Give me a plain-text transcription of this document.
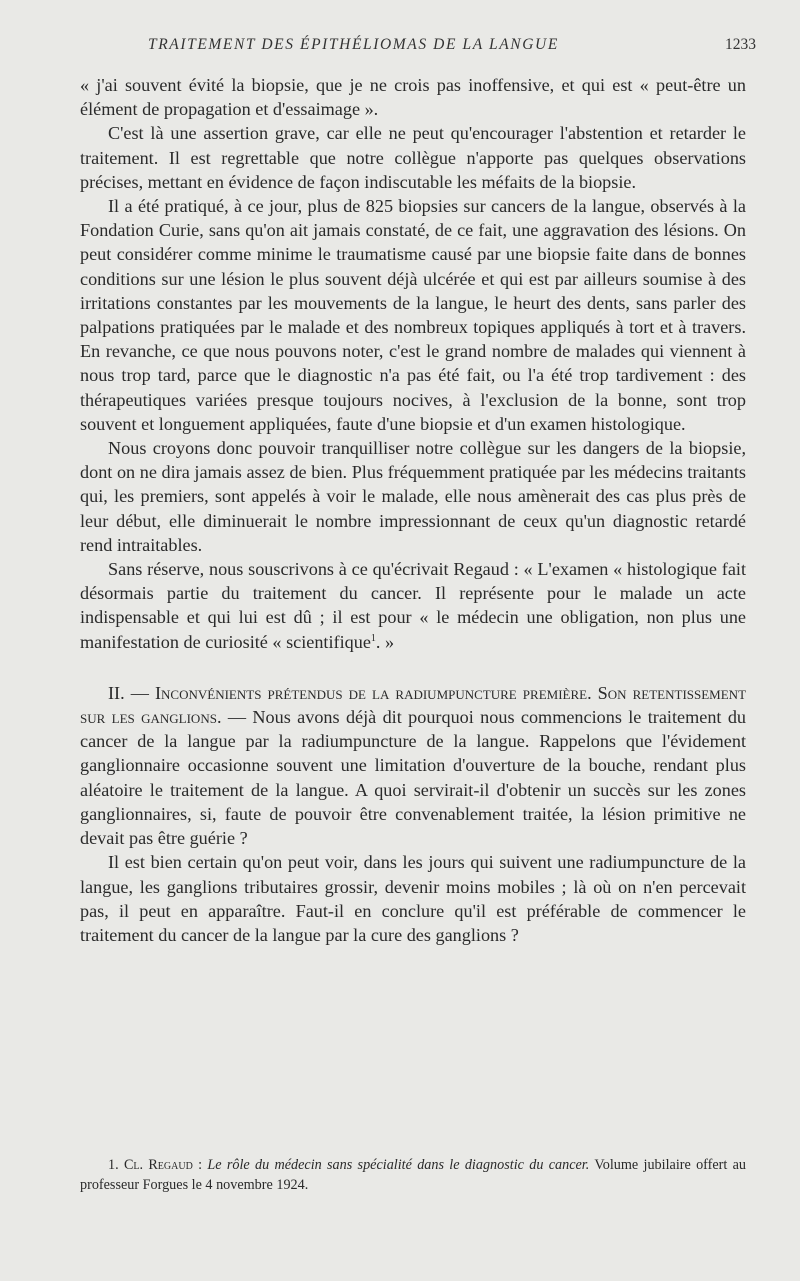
TRAITEMENT DES ÉPITHÉLIOMAS DE LA LANGUE	1233

« j'ai souvent évité la biopsie, que je ne crois pas inoffensive, et qui est « peut-être un élément de propagation et d'essaimage ».

C'est là une assertion grave, car elle ne peut qu'encourager l'abstention et retarder le traitement. Il est regrettable que notre collègue n'apporte pas quelques observations précises, mettant en évidence de façon indiscutable les méfaits de la biopsie.

Il a été pratiqué, à ce jour, plus de 825 biopsies sur cancers de la langue, observés à la Fondation Curie, sans qu'on ait jamais constaté, de ce fait, une aggravation des lésions. On peut considérer comme minime le traumatisme causé par une biopsie faite dans de bonnes conditions sur une lésion le plus souvent déjà ulcérée et qui est par ailleurs soumise à des irritations constantes par les mouvements de la langue, le heurt des dents, sans parler des palpations pratiquées par le malade et des nombreux topiques appliqués à tort et à travers. En revanche, ce que nous pouvons noter, c'est le grand nombre de malades qui viennent à nous trop tard, parce que le diagnostic n'a pas été fait, ou l'a été trop tardivement : des thérapeutiques variées presque toujours nocives, à l'exclusion de la bonne, sont trop souvent et longuement appliquées, faute d'une biopsie et d'un examen histologique.

Nous croyons donc pouvoir tranquilliser notre collègue sur les dangers de la biopsie, dont on ne dira jamais assez de bien. Plus fréquemment pratiquée par les médecins traitants qui, les premiers, sont appelés à voir le malade, elle nous amènerait des cas plus près de leur début, elle diminuerait le nombre impressionnant de ceux qu'un diagnostic retardé rend intraitables.

Sans réserve, nous souscrivons à ce qu'écrivait Regaud : « L'examen « histologique fait désormais partie du traitement du cancer. Il représente pour le malade un acte indispensable et qui lui est dû ; il est pour « le médecin une obligation, non plus une manifestation de curiosité « scientifique$^1$. »

II. — Inconvénients prétendus de la radiumpuncture première. Son retentissement sur les ganglions. — Nous avons déjà dit pourquoi nous commencions le traitement du cancer de la langue par la radiumpuncture de la langue. Rappelons que l'évidement ganglionnaire occasionne souvent une limitation d'ouverture de la bouche, rendant plus aléatoire le traitement de la langue. A quoi servirait-il d'obtenir un succès sur les zones ganglionnaires, si, faute de pouvoir être convenablement traitée, la lésion primitive ne devait pas être guérie ?

Il est bien certain qu'on peut voir, dans les jours qui suivent une radiumpuncture de la langue, les ganglions tributaires grossir, devenir moins mobiles ; là où on n'en percevait pas, il peut en apparaître. Faut-il en conclure qu'il est préférable de commencer le traitement du cancer de la langue par la cure des ganglions ?

1. Cl. Regaud : Le rôle du médecin sans spécialité dans le diagnostic du cancer. Volume jubilaire offert au professeur Forgues le 4 novembre 1924.
